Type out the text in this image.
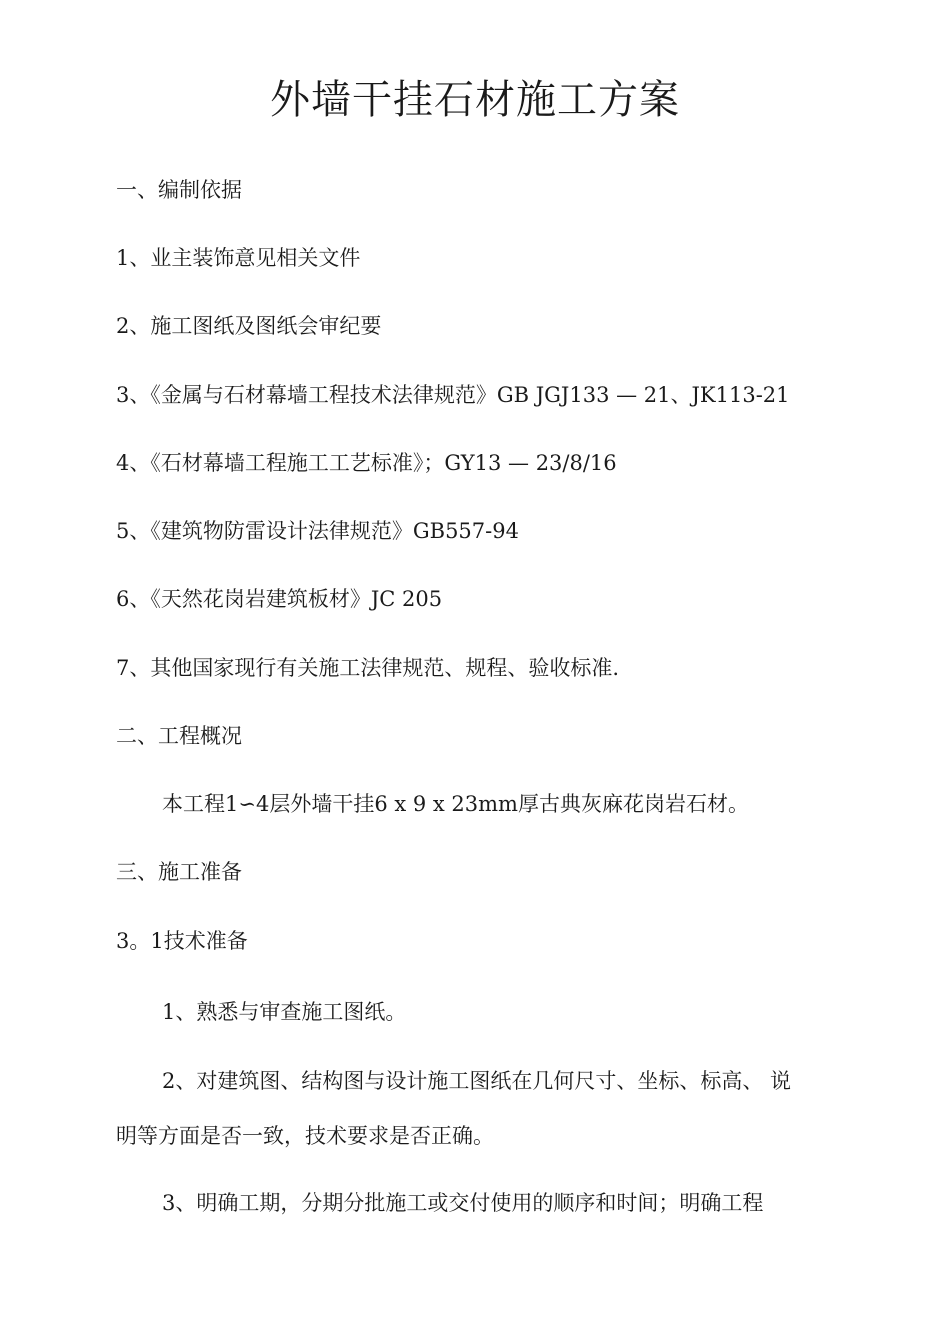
外墙干挂石材施工方案
一、编制依据
1、业主装饰意见相关文件
2、施工图纸及图纸会审纪要
3、《金属与石材幕墙工程技术法律规范》GB JGJ133 — 21、JK113-21
4、《石材幕墙工程施工工艺标准》；GY13 — 23/8/16
5、《建筑物防雷设计法律规范》GB557-94
6、《天然花岗岩建筑板材》JC 205
7、其他国家现行有关施工法律规范、规程、验收标准.
二、工程概况
本工程1∽4层外墙干挂6 x 9 x 23mm厚古典灰麻花岗岩石材。
三、施工准备
3。1技术准备
1、熟悉与审查施工图纸。
2、对建筑图、结构图与设计施工图纸在几何尺寸、坐标、标高、 说
明等方面是否一致，技术要求是否正确。
3、明确工期，分期分批施工或交付使用的顺序和时间；明确工程
